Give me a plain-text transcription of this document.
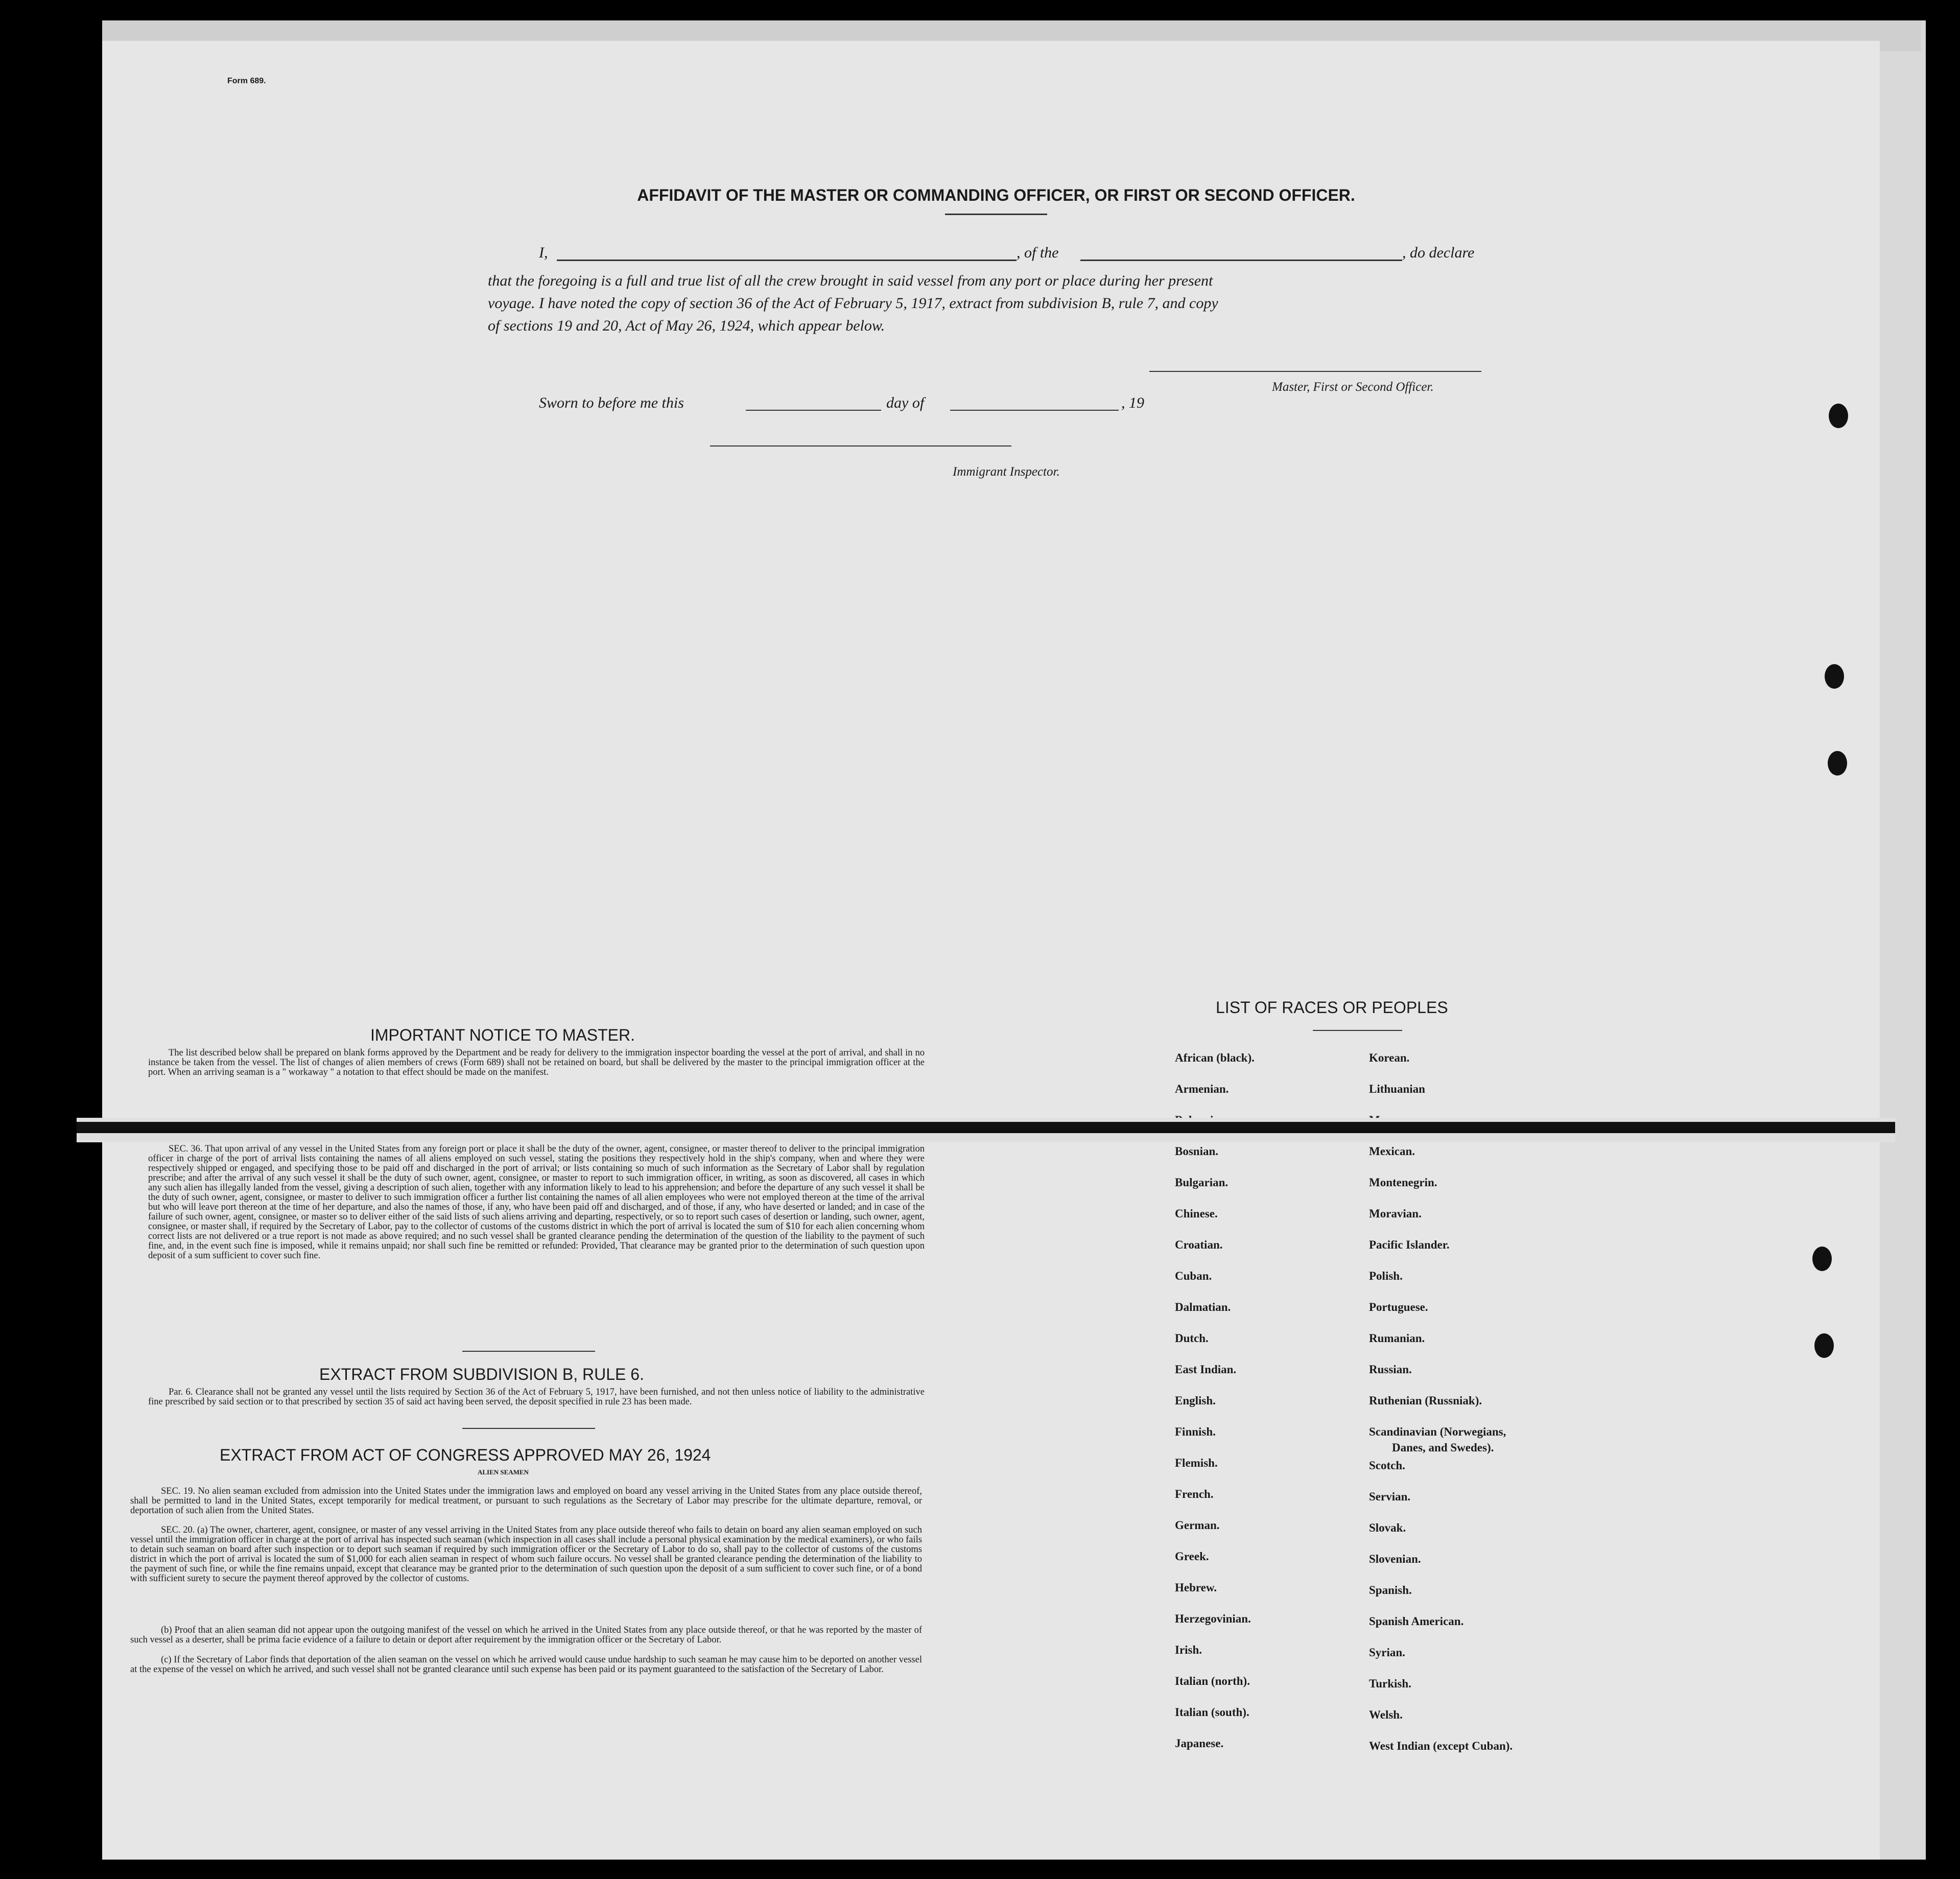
Form 689.
AFFIDAVIT OF THE MASTER OR COMMANDING OFFICER, OR FIRST OR SECOND OFFICER.
I,	, of the	, do declare
that the foregoing is a full and true list of all the crew brought in said vessel from any port or place during her present
voyage. I have noted the copy of section 36 of the Act of February 5, 1917, extract from subdivision B, rule 7, and copy
of sections 19 and 20, Act of May 26, 1924, which appear below.
Master, First or Second Officer.
Sworn to before me this	day of	, 19
Immigrant Inspector.
IMPORTANT NOTICE TO MASTER.
The list described below shall be prepared on blank forms approved by the Department and be ready for delivery to the immigration inspector boarding the vessel at the port of arrival, and shall in no instance be taken from the vessel. The list of changes of alien members of crews (Form 689) shall not be retained on board, but shall be delivered by the master to the principal immigration officer at the port. When an arriving seaman is a " workaway " a notation to that effect should be made on the manifest.
SEC. 36. That upon arrival of any vessel in the United States from any foreign port or place it shall be the duty of the owner, agent, consignee, or master thereof to deliver to the principal immigration officer in charge of the port of arrival lists containing the names of all aliens employed on such vessel, stating the positions they respectively hold in the ship's company, when and where they were respectively shipped or engaged, and specifying those to be paid off and discharged in the port of arrival; or lists containing so much of such information as the Secretary of Labor shall by regulation prescribe; and after the arrival of any such vessel it shall be the duty of such owner, agent, consignee, or master to report to such immigration officer, in writing, as soon as discovered, all cases in which any such alien has illegally landed from the vessel, giving a description of such alien, together with any information likely to lead to his apprehension; and before the departure of any such vessel it shall be the duty of such owner, agent, consignee, or master to deliver to such immigration officer a further list containing the names of all alien employees who were not employed thereon at the time of the arrival but who will leave port thereon at the time of her departure, and also the names of those, if any, who have been paid off and discharged, and of those, if any, who have deserted or landed; and in case of the failure of such owner, agent, consignee, or master so to deliver either of the said lists of such aliens arriving and departing, respectively, or so to report such cases of desertion or landing, such owner, agent, consignee, or master shall, if required by the Secretary of Labor, pay to the collector of customs of the customs district in which the port of arrival is located the sum of $10 for each alien concerning whom correct lists are not delivered or a true report is not made as above required; and no such vessel shall be granted clearance pending the determination of the question of the liability to the payment of such fine, and, in the event such fine is imposed, while it remains unpaid; nor shall such fine be remitted or refunded: Provided, That clearance may be granted prior to the determination of such question upon deposit of a sum sufficient to cover such fine.
EXTRACT FROM SUBDIVISION B, RULE 6.
Par. 6. Clearance shall not be granted any vessel until the lists required by Section 36 of the Act of February 5, 1917, have been furnished, and not then unless notice of liability to the administrative fine prescribed by said section or to that prescribed by section 35 of said act having been served, the deposit specified in rule 23 has been made.
EXTRACT FROM ACT OF CONGRESS APPROVED MAY 26, 1924
ALIEN SEAMEN
SEC. 19. No alien seaman excluded from admission into the United States under the immigration laws and employed on board any vessel arriving in the United States from any place outside thereof, shall be permitted to land in the United States, except temporarily for medical treatment, or pursuant to such regulations as the Secretary of Labor may prescribe for the ultimate departure, removal, or deportation of such alien from the United States.
SEC. 20. (a) The owner, charterer, agent, consignee, or master of any vessel arriving in the United States from any place outside thereof who fails to detain on board any alien seaman employed on such vessel until the immigration officer in charge at the port of arrival has inspected such seaman (which inspection in all cases shall include a personal physical examination by the medical examiners), or who fails to detain such seaman on board after such inspection or to deport such seaman if required by such immigration officer or the Secretary of Labor to do so, shall pay to the collector of customs of the customs district in which the port of arrival is located the sum of $1,000 for each alien seaman in respect of whom such failure occurs. No vessel shall be granted clearance pending the determination of the liability to the payment of such fine, or while the fine remains unpaid, except that clearance may be granted prior to the determination of such question upon the deposit of a sum sufficient to cover such fine, or of a bond with sufficient surety to secure the payment thereof approved by the collector of customs.
(b) Proof that an alien seaman did not appear upon the outgoing manifest of the vessel on which he arrived in the United States from any place outside thereof, or that he was reported by the master of such vessel as a deserter, shall be prima facie evidence of a failure to detain or deport after requirement by the immigration officer or the Secretary of Labor.
(c) If the Secretary of Labor finds that deportation of the alien seaman on the vessel on which he arrived would cause undue hardship to such seaman he may cause him to be deported on another vessel at the expense of the vessel on which he arrived, and such vessel shall not be granted clearance until such expense has been paid or its payment guaranteed to the satisfaction of the Secretary of Labor.
LIST OF RACES OR PEOPLES
African (black).
Armenian.
Bosnian.
Bulgarian.
Chinese.
Croatian.
Cuban.
Dalmatian.
Dutch.
East Indian.
English.
Finnish.
Flemish.
French.
German.
Greek.
Hebrew.
Herzegovinian.
Irish.
Italian (north).
Italian (south).
Japanese.
Korean.
Lithuanian
Mexican.
Montenegrin.
Moravian.
Pacific Islander.
Polish.
Portuguese.
Rumanian.
Russian.
Ruthenian (Russniak).
Scandinavian (Norwegians,
Danes, and Swedes).
Scotch.
Servian.
Slovak.
Slovenian.
Spanish.
Spanish American.
Syrian.
Turkish.
Welsh.
West Indian (except Cuban).
